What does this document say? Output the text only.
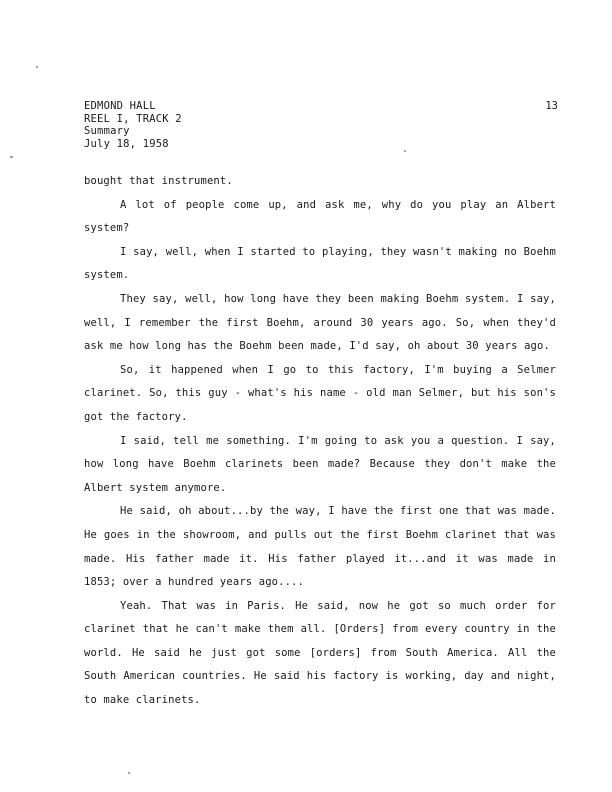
EDMOND HALL
REEL I, TRACK 2
Summary
July 18, 1958
13

bought that instrument.

A lot of people come up, and ask me, why do you play an Albert system?

I say, well, when I started to playing, they wasn't making no Boehm system.

They say, well, how long have they been making Boehm system. I say, well, I remember the first Boehm, around 30 years ago. So, when they'd ask me how long has the Boehm been made, I'd say, oh about 30 years ago.

So, it happened when I go to this factory, I'm buying a Selmer clarinet. So, this guy - what's his name - old man Selmer, but his son's got the factory.

I said, tell me something. I'm going to ask you a question. I say, how long have Boehm clarinets been made? Because they don't make the Albert system anymore.

He said, oh about...by the way, I have the first one that was made. He goes in the showroom, and pulls out the first Boehm clarinet that was made. His father made it. His father played it...and it was made in 1853; over a hundred years ago....

Yeah. That was in Paris. He said, now he got so much order for clarinet that he can't make them all. [Orders] from every country in the world. He said he just got some [orders] from South America. All the South American countries. He said his factory is working, day and night, to make clarinets.
